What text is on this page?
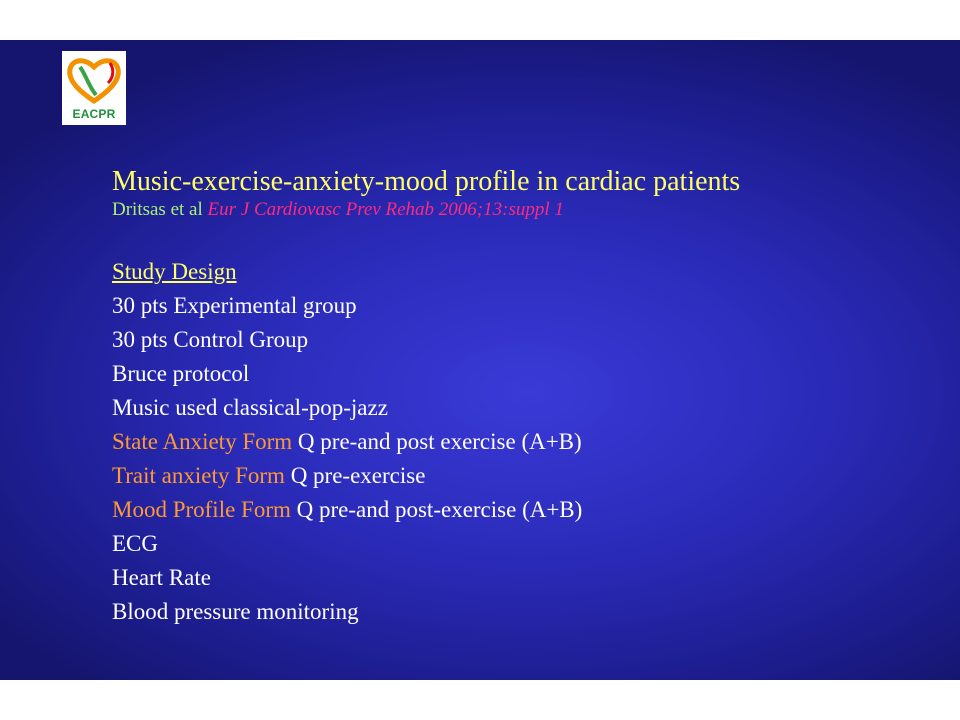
EACPR
Music-exercise-anxiety-mood profile in cardiac patients
Dritsas et al Eur J Cardiovasc Prev Rehab 2006;13:suppl 1
Study Design
30 pts Experimental group
30 pts Control Group
Bruce protocol
Music used classical-pop-jazz
State Anxiety Form Q pre-and post exercise (A+B)
Trait anxiety Form Q pre-exercise
Mood Profile Form Q pre-and post-exercise (A+B)
ECG
Heart Rate
Blood pressure monitoring
